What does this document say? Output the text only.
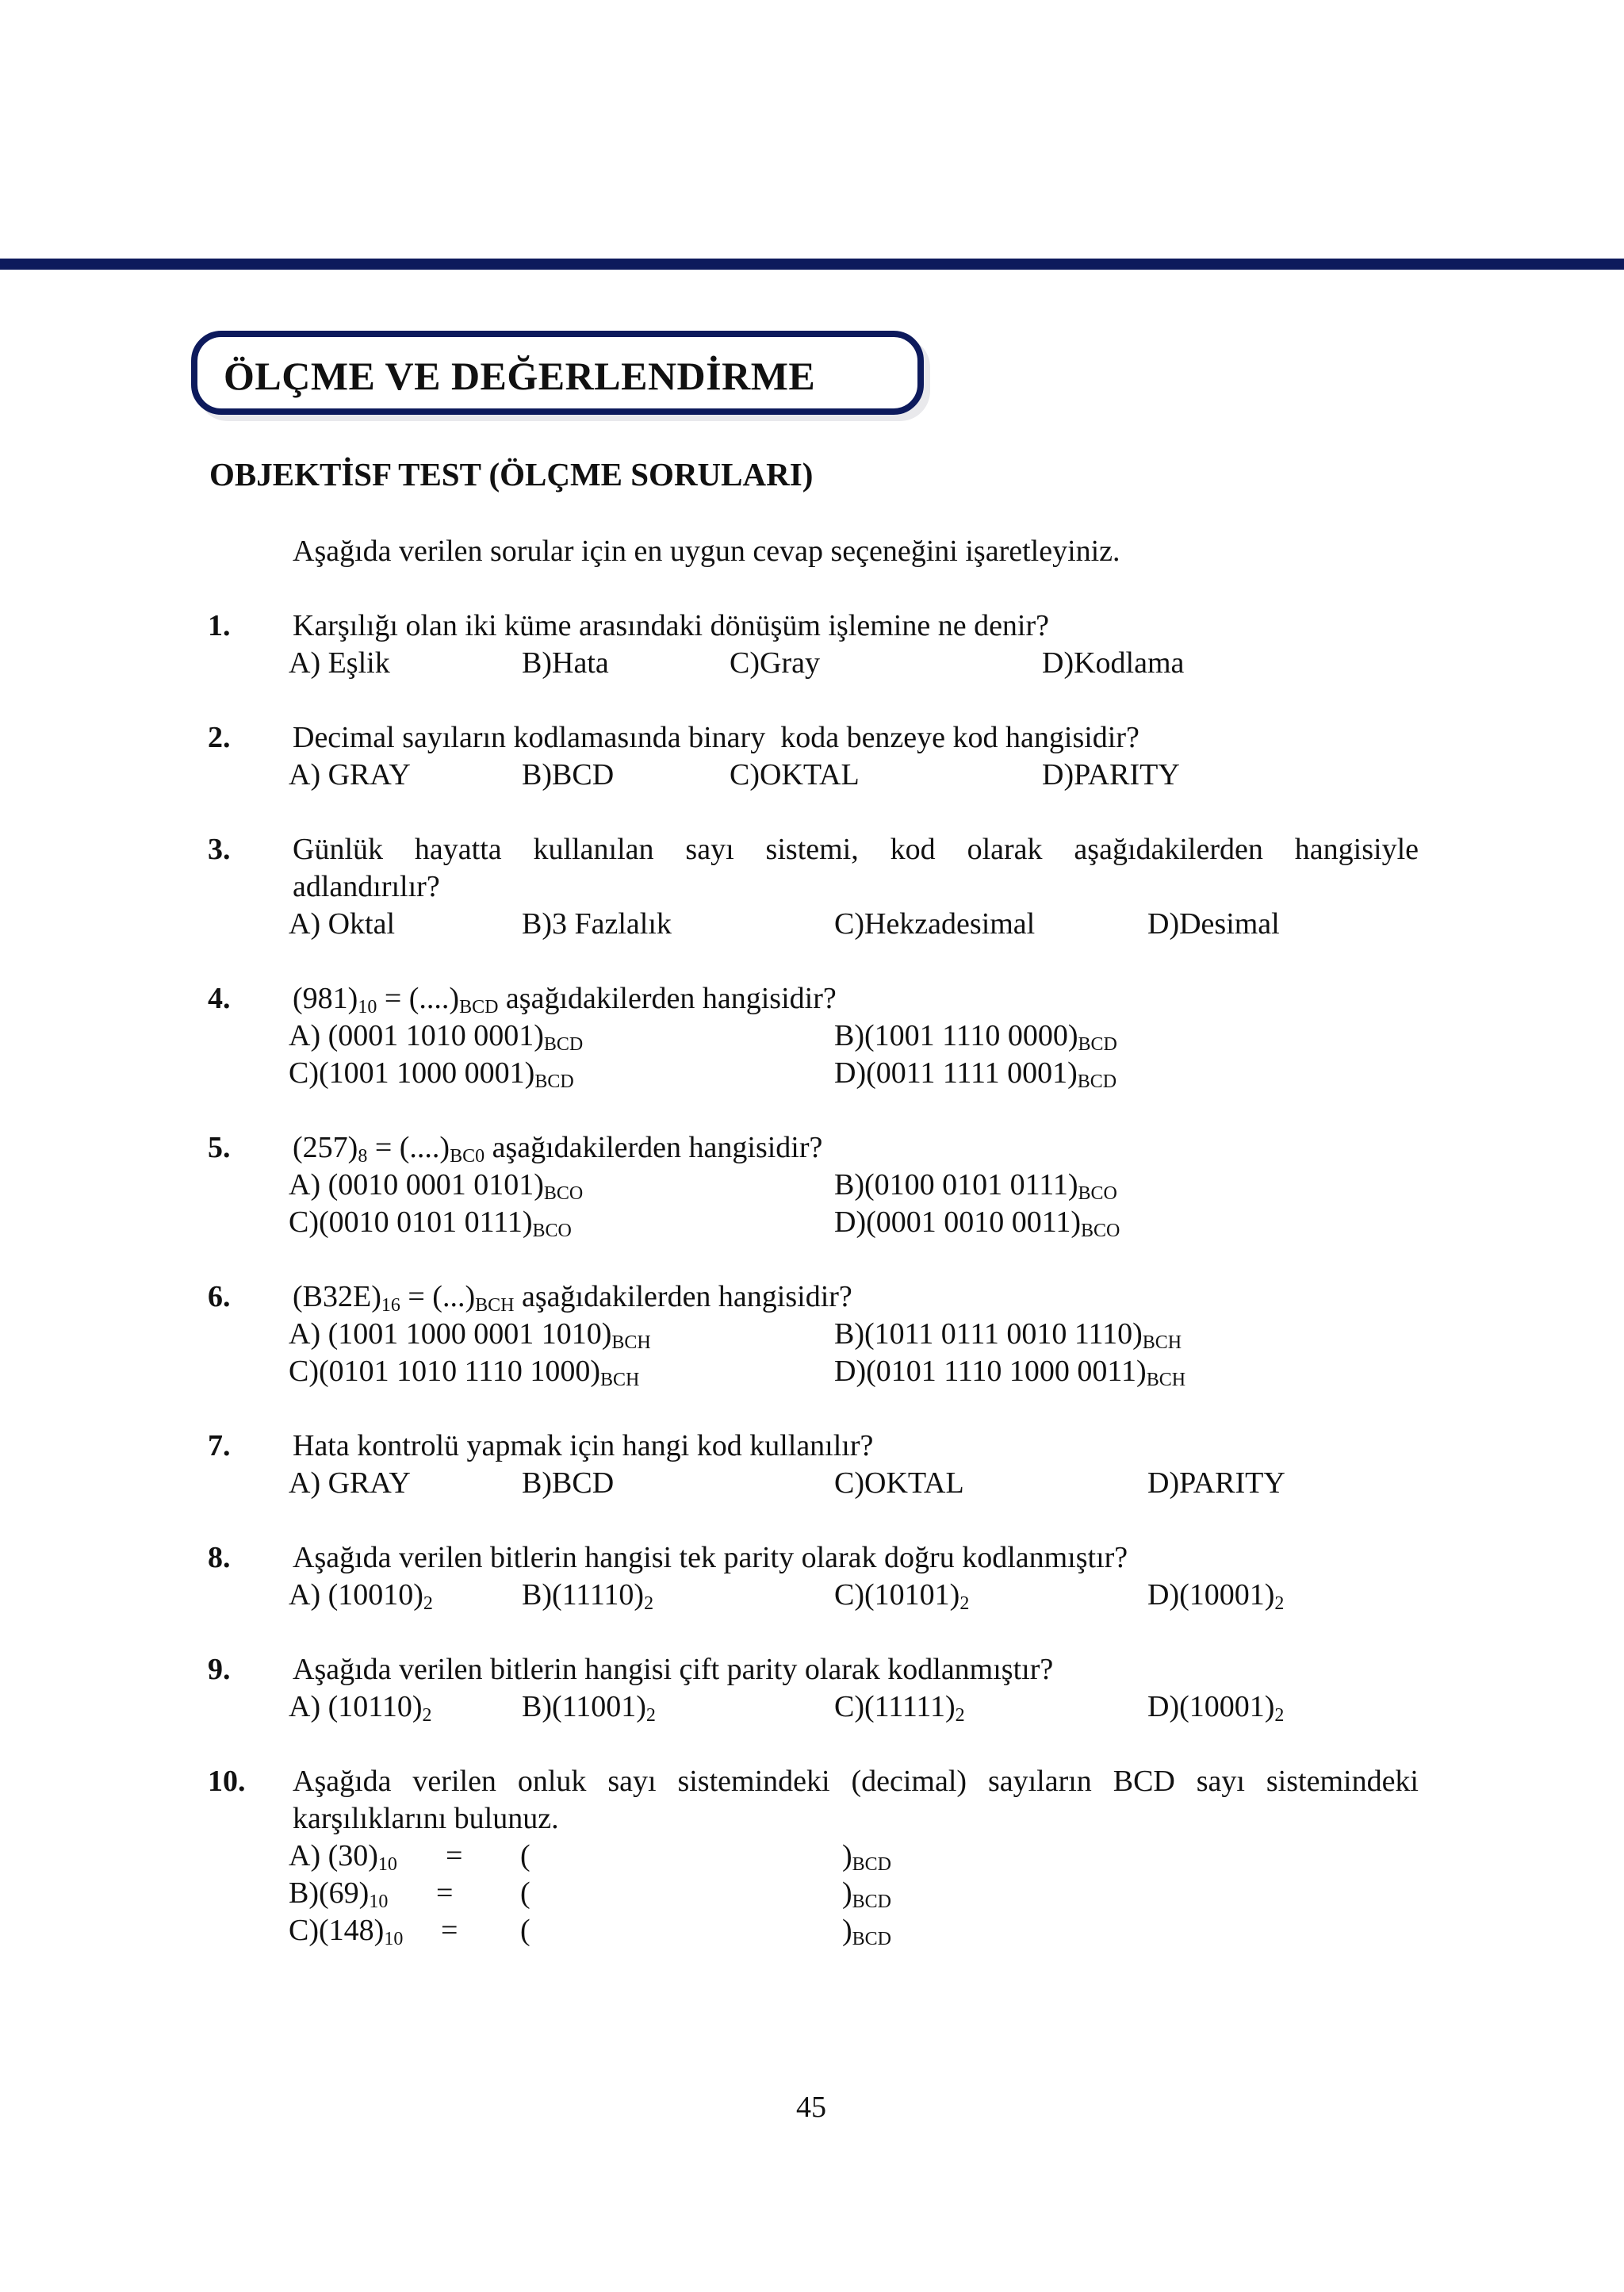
ÖLÇME VE DEĞERLENDİRME
OBJEKTİSF TEST (ÖLÇME SORULARI)
Aşağıda verilen sorular için en uygun cevap seçeneğini işaretleyiniz.
1. Karşılığı olan iki küme arasındaki dönüşüm işlemine ne denir?
A) Eşlik	B)Hata	C)Gray	D)Kodlama
2. Decimal sayıların kodlamasında binary  koda benzeye kod hangisidir?
A) GRAY	B)BCD	C)OKTAL	D)PARITY
3. Günlük hayatta kullanılan sayı sistemi, kod olarak aşağıdakilerden hangisiyle
adlandırılır?
A) Oktal	B)3 Fazlalık	C)Hekzadesimal	D)Desimal
4. $(981)_{10} = (....)_{BCD}$ aşağıdakilerden hangisidir?
A) (0001 1010 $0001)_{BCD}$	B)(1001 1110 $0000)_{BCD}$
C)(1001 1000 $0001)_{BCD}$	D)(0011 1111 $0001)_{BCD}$
5. $(257)_8 = (....)_{BC0}$ aşağıdakilerden hangisidir?
A) (0010 0001 $0101)_{BCO}$	B)(0100 0101 $0111)_{BCO}$
C)(0010 0101 $0111)_{BCO}$	D)(0001 0010 $0011)_{BCO}$
6. $(B32E)_{16} = (...)_{BCH}$ aşağıdakilerden hangisidir?
A) (1001 1000 0001 $1010)_{BCH}$	B)(1011 0111 0010 $1110)_{BCH}$
C)(0101 1010 1110 $1000)_{BCH}$	D)(0101 1110 1000 $0011)_{BCH}$
7. Hata kontrolü yapmak için hangi kod kullanılır?
A) GRAY	B)BCD	C)OKTAL	D)PARITY
8. Aşağıda verilen bitlerin hangisi tek parity olarak doğru kodlanmıştır?
A) $(10010)_2$	$B)(11110)_2$	$C)(10101)_2$	$D)(10001)_2$
9. Aşağıda verilen bitlerin hangisi çift parity olarak kodlanmıştır?
A) $(10110)_2$	$B)(11001)_2$	$C)(11111)_2$	$D)(10001)_2$
10. Aşağıda verilen onluk sayı sistemindeki (decimal) sayıların BCD sayı sistemindeki
karşılıklarını bulunuz.
A) $(30)_{10}$ = (	)$_{BCD}$
$B)(69)_{10}$ = (	)$_{BCD}$
$C)(148)_{10}$ = (	)$_{BCD}$
45
